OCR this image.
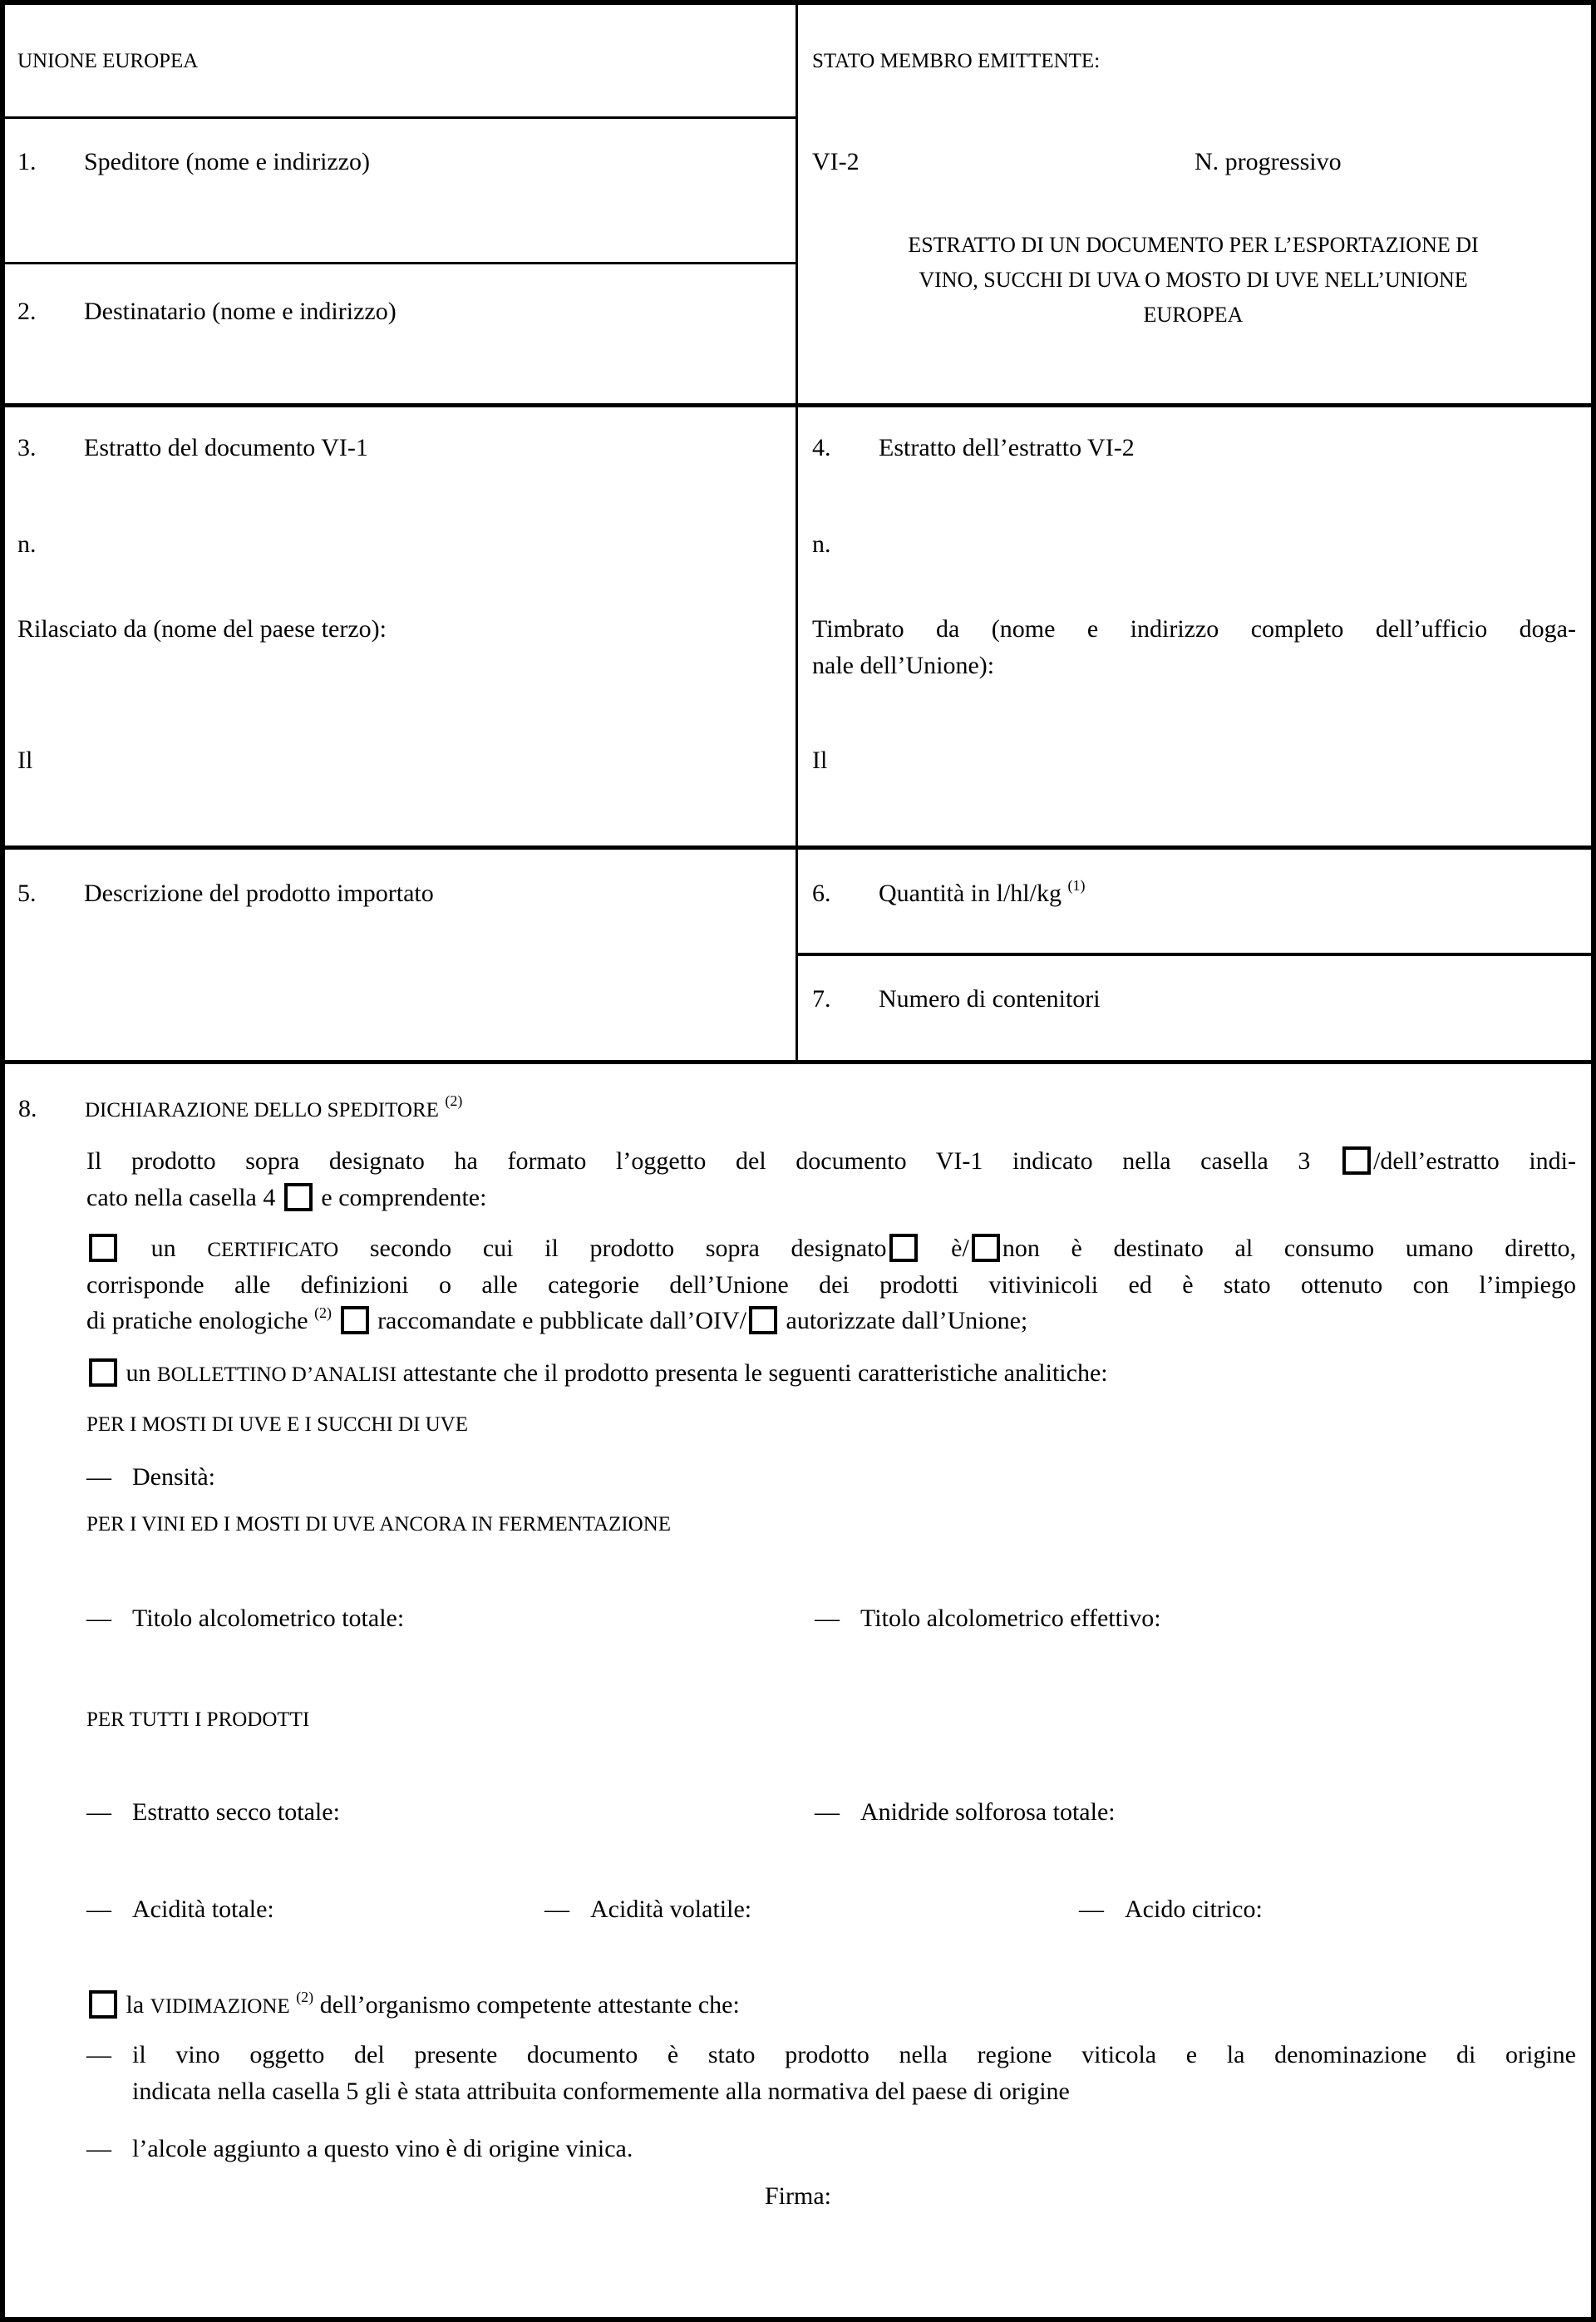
UNIONE EUROPEA	STATO MEMBRO EMITTENTE:
1. Speditore (nome e indirizzo)	VI-2	N. progressivo
2. Destinatario (nome e indirizzo)
ESTRATTO DI UN DOCUMENTO PER L’ESPORTAZIONE DI
VINO, SUCCHI DI UVA O MOSTO DI UVE NELL’UNIONE
EUROPEA
3. Estratto del documento VI-1
n.
Rilasciato da (nome del paese terzo):
Il
4. Estratto dell’estratto VI-2
n.
Timbrato da (nome e indirizzo completo dell’ufficio doga-
nale dell’Unione):
Il
5. Descrizione del prodotto importato	6. Quantità in l/hl/kg $^{(1)}$
7. Numero di contenitori
8. DICHIARAZIONE DELLO SPEDITORE $^{(2)}$
Il prodotto sopra designato ha formato l’oggetto del documento VI-1 indicato nella casella 3 /dell’estratto indi-
cato nella casella 4  e comprendente:
un CERTIFICATO secondo cui il prodotto sopra designato è/ non è destinato al consumo umano diretto,
corrisponde alle definizioni o alle categorie dell’Unione dei prodotti vitivinicoli ed è stato ottenuto con l’impiego
di pratiche enologiche $^{(2)}$  raccomandate e pubblicate dall’OIV/ autorizzate dall’Unione;
un BOLLETTINO D’ANALISI attestante che il prodotto presenta le seguenti caratteristiche analitiche:
PER I MOSTI DI UVE E I SUCCHI DI UVE
— Densità:
PER I VINI ED I MOSTI DI UVE ANCORA IN FERMENTAZIONE
— Titolo alcolometrico totale:	— Titolo alcolometrico effettivo:
PER TUTTI I PRODOTTI
— Estratto secco totale:	— Anidride solforosa totale:
— Acidità totale:	— Acidità volatile:	— Acido citrico:
la VIDIMAZIONE $^{(2)}$ dell’organismo competente attestante che:
— il vino oggetto del presente documento è stato prodotto nella regione viticola e la denominazione di origine
indicata nella casella 5 gli è stata attribuita conformemente alla normativa del paese di origine
— l’alcole aggiunto a questo vino è di origine vinica.
Firma:
